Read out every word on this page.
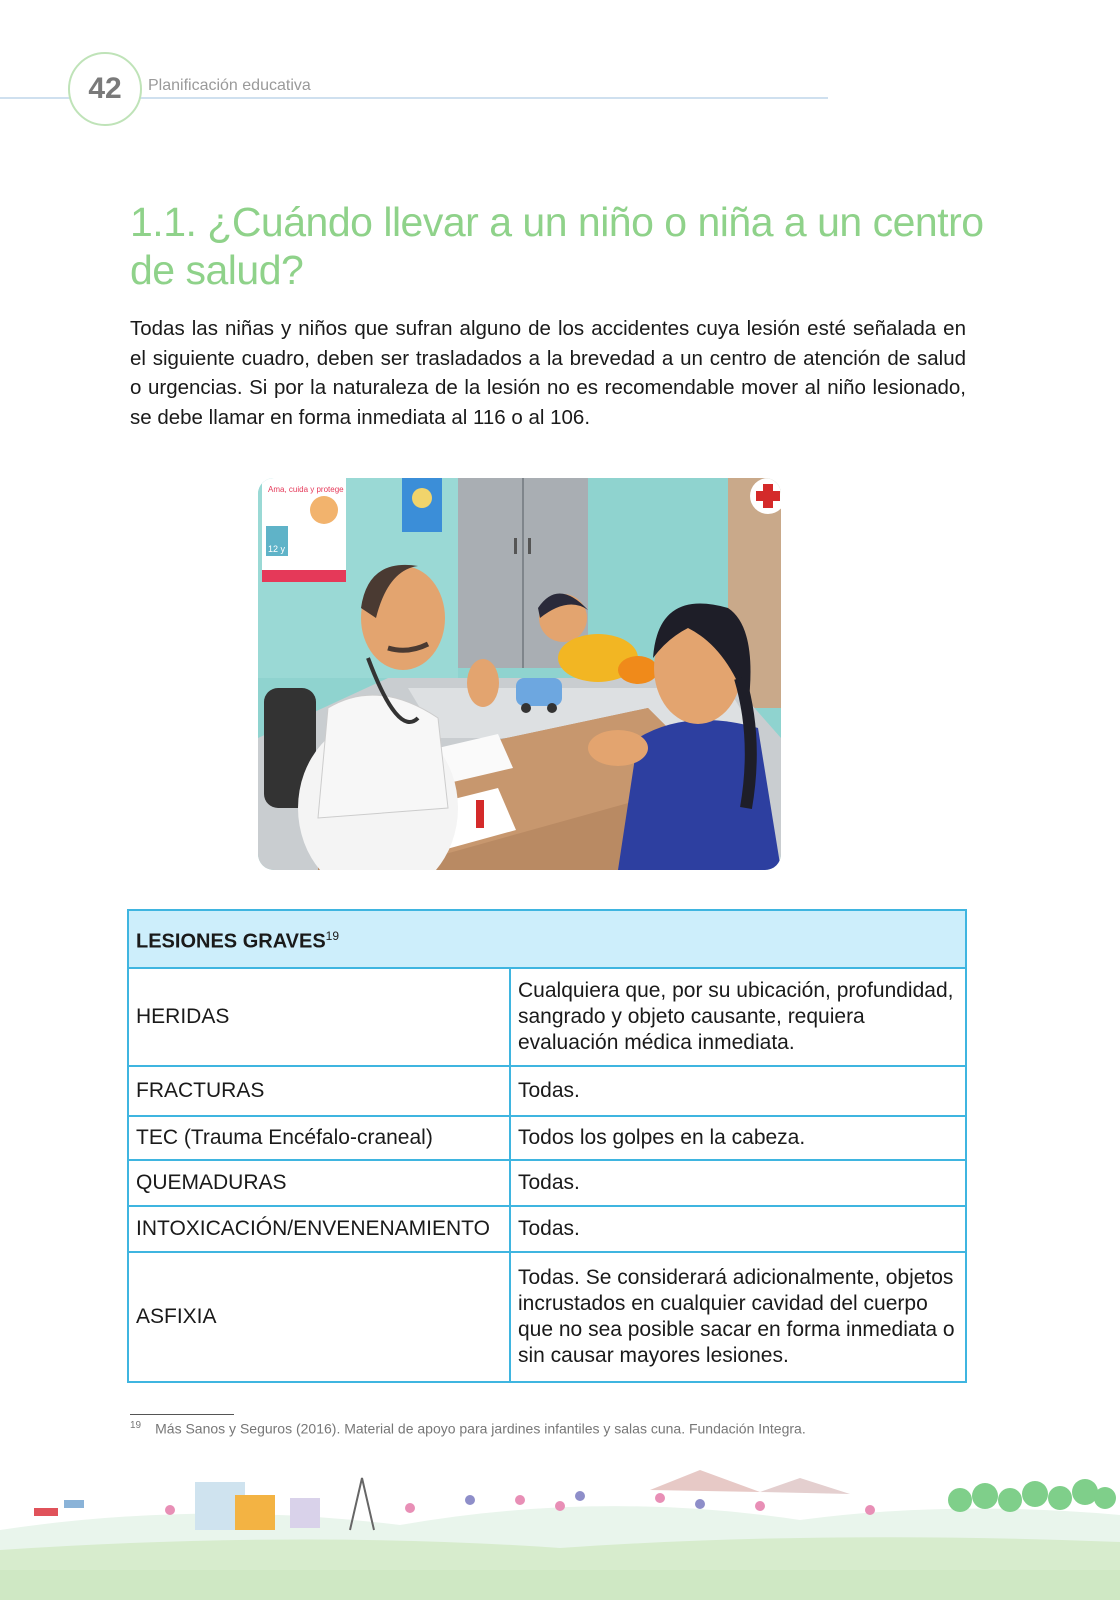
42	Planificación educativa
1.1. ¿Cuándo llevar a un niño o niña a un centro de salud?
Todas las niñas y niños que sufran alguno de los accidentes cuya lesión esté señalada en el siguiente cuadro, deben ser trasladados a la brevedad a un centro de atención de salud o urgencias. Si por la naturaleza de la lesión no es recomendable mover al niño lesionado, se debe llamar en forma inmediata al 116 o al 106.
Ama, cuida y protege
12 y 13
LESIONES GRAVES$^{19}$
HERIDAS	Cualquiera que, por su ubicación, profundidad, sangrado y objeto causante, requiera evaluación médica inmediata.
FRACTURAS	Todas.
TEC (Trauma Encéfalo-craneal)	Todos los golpes en la cabeza.
QUEMADURAS	Todas.
INTOXICACIÓN/ENVENENAMIENTO	Todas.
ASFIXIA	Todas. Se considerará adicionalmente, objetos incrustados en cualquier cavidad del cuerpo que no sea posible sacar en forma inmediata o sin causar mayores lesiones.
$^{19}$ Más Sanos y Seguros (2016). Material de apoyo para jardines infantiles y salas cuna. Fundación Integra.
